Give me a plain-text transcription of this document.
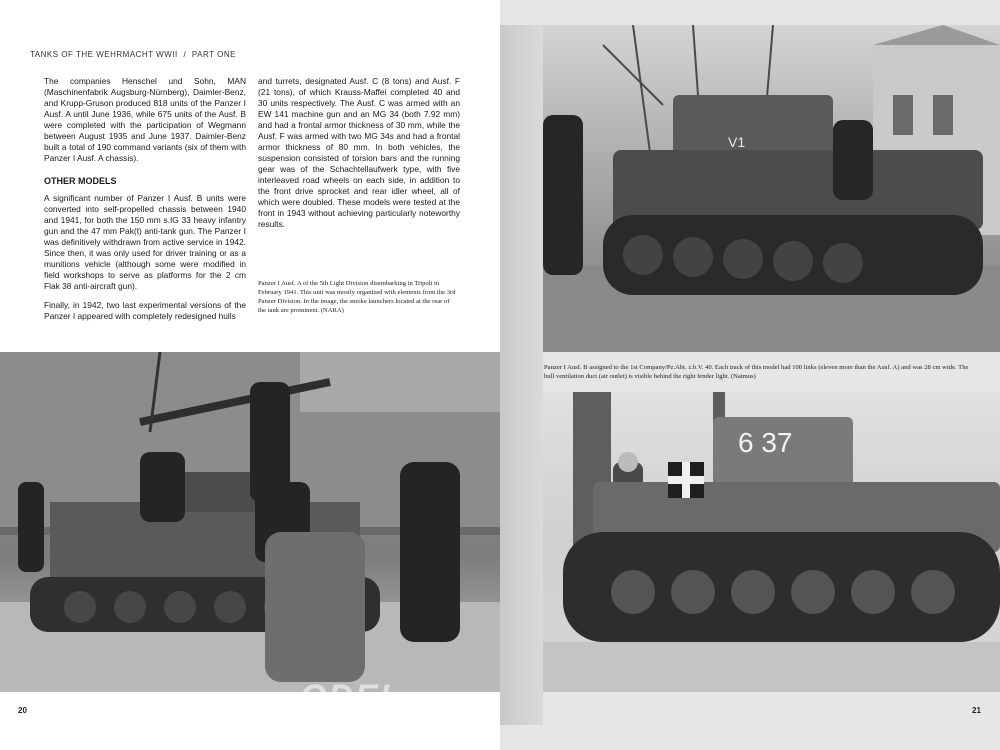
TANKS OF THE WEHRMACHT WWII / PART ONE

The companies Henschel und Sohn, MAN (Maschinenfabrik Augsburg-Nürnberg), Daimler-Benz, and Krupp-Gruson produced 818 units of the Panzer I Ausf. A until June 1936, while 675 units of the Ausf. B were completed with the participation of Wegmann between August 1935 and June 1937. Daimler-Benz built a total of 190 command variants (six of them with Panzer I Ausf. A chassis).

OTHER MODELS

A significant number of Panzer I Ausf. B units were converted into self-propelled chassis between 1940 and 1941, for both the 150 mm s.IG 33 heavy infantry gun and the 47 mm Pak(t) anti-tank gun. The Panzer I was definitively withdrawn from active service in 1942. Since then, it was only used for driver training or as a munitions vehicle (although some were modified in field workshops to serve as platforms for the 2 cm Flak 38 anti-aircraft gun).

Finally, in 1942, two last experimental versions of the Panzer I appeared with completely redesigned hulls

and turrets, designated Ausf. C (8 tons) and Ausf. F (21 tons), of which Krauss-Maffei completed 40 and 30 units respectively. The Ausf. C was armed with an EW 141 machine gun and an MG 34 (both 7.92 mm) and had a frontal armor thickness of 30 mm, while the Ausf. F was armed with two MG 34s and had a frontal armor thickness of 80 mm. In both vehicles, the suspension consisted of torsion bars and the running gear was of the Schachtellaufwerk type, with five interleaved road wheels on each side, in addition to the front drive sprocket and rear idler wheel, all of which were doubled. These models were tested at the front in 1943 without achieving particularly noteworthy results.

Panzer I Ausf. A of the 5th Light Division disembarking in Tripoli in February 1941. This unit was mostly organized with elements from the 3rd Panzer Division. In the image, the smoke launchers located at the rear of the tank are prominent. (NARA)
20
V1
Panzer I Ausf. B assigned to the 1st Company/Pz.Abt. z.b.V. 40. Each track of this model had 100 links (eleven more than the Ausf. A) and was 28 cm wide. The hull ventilation duct (air outlet) is visible behind the right fender light. (Natmus)
6 37
21
ODEL
